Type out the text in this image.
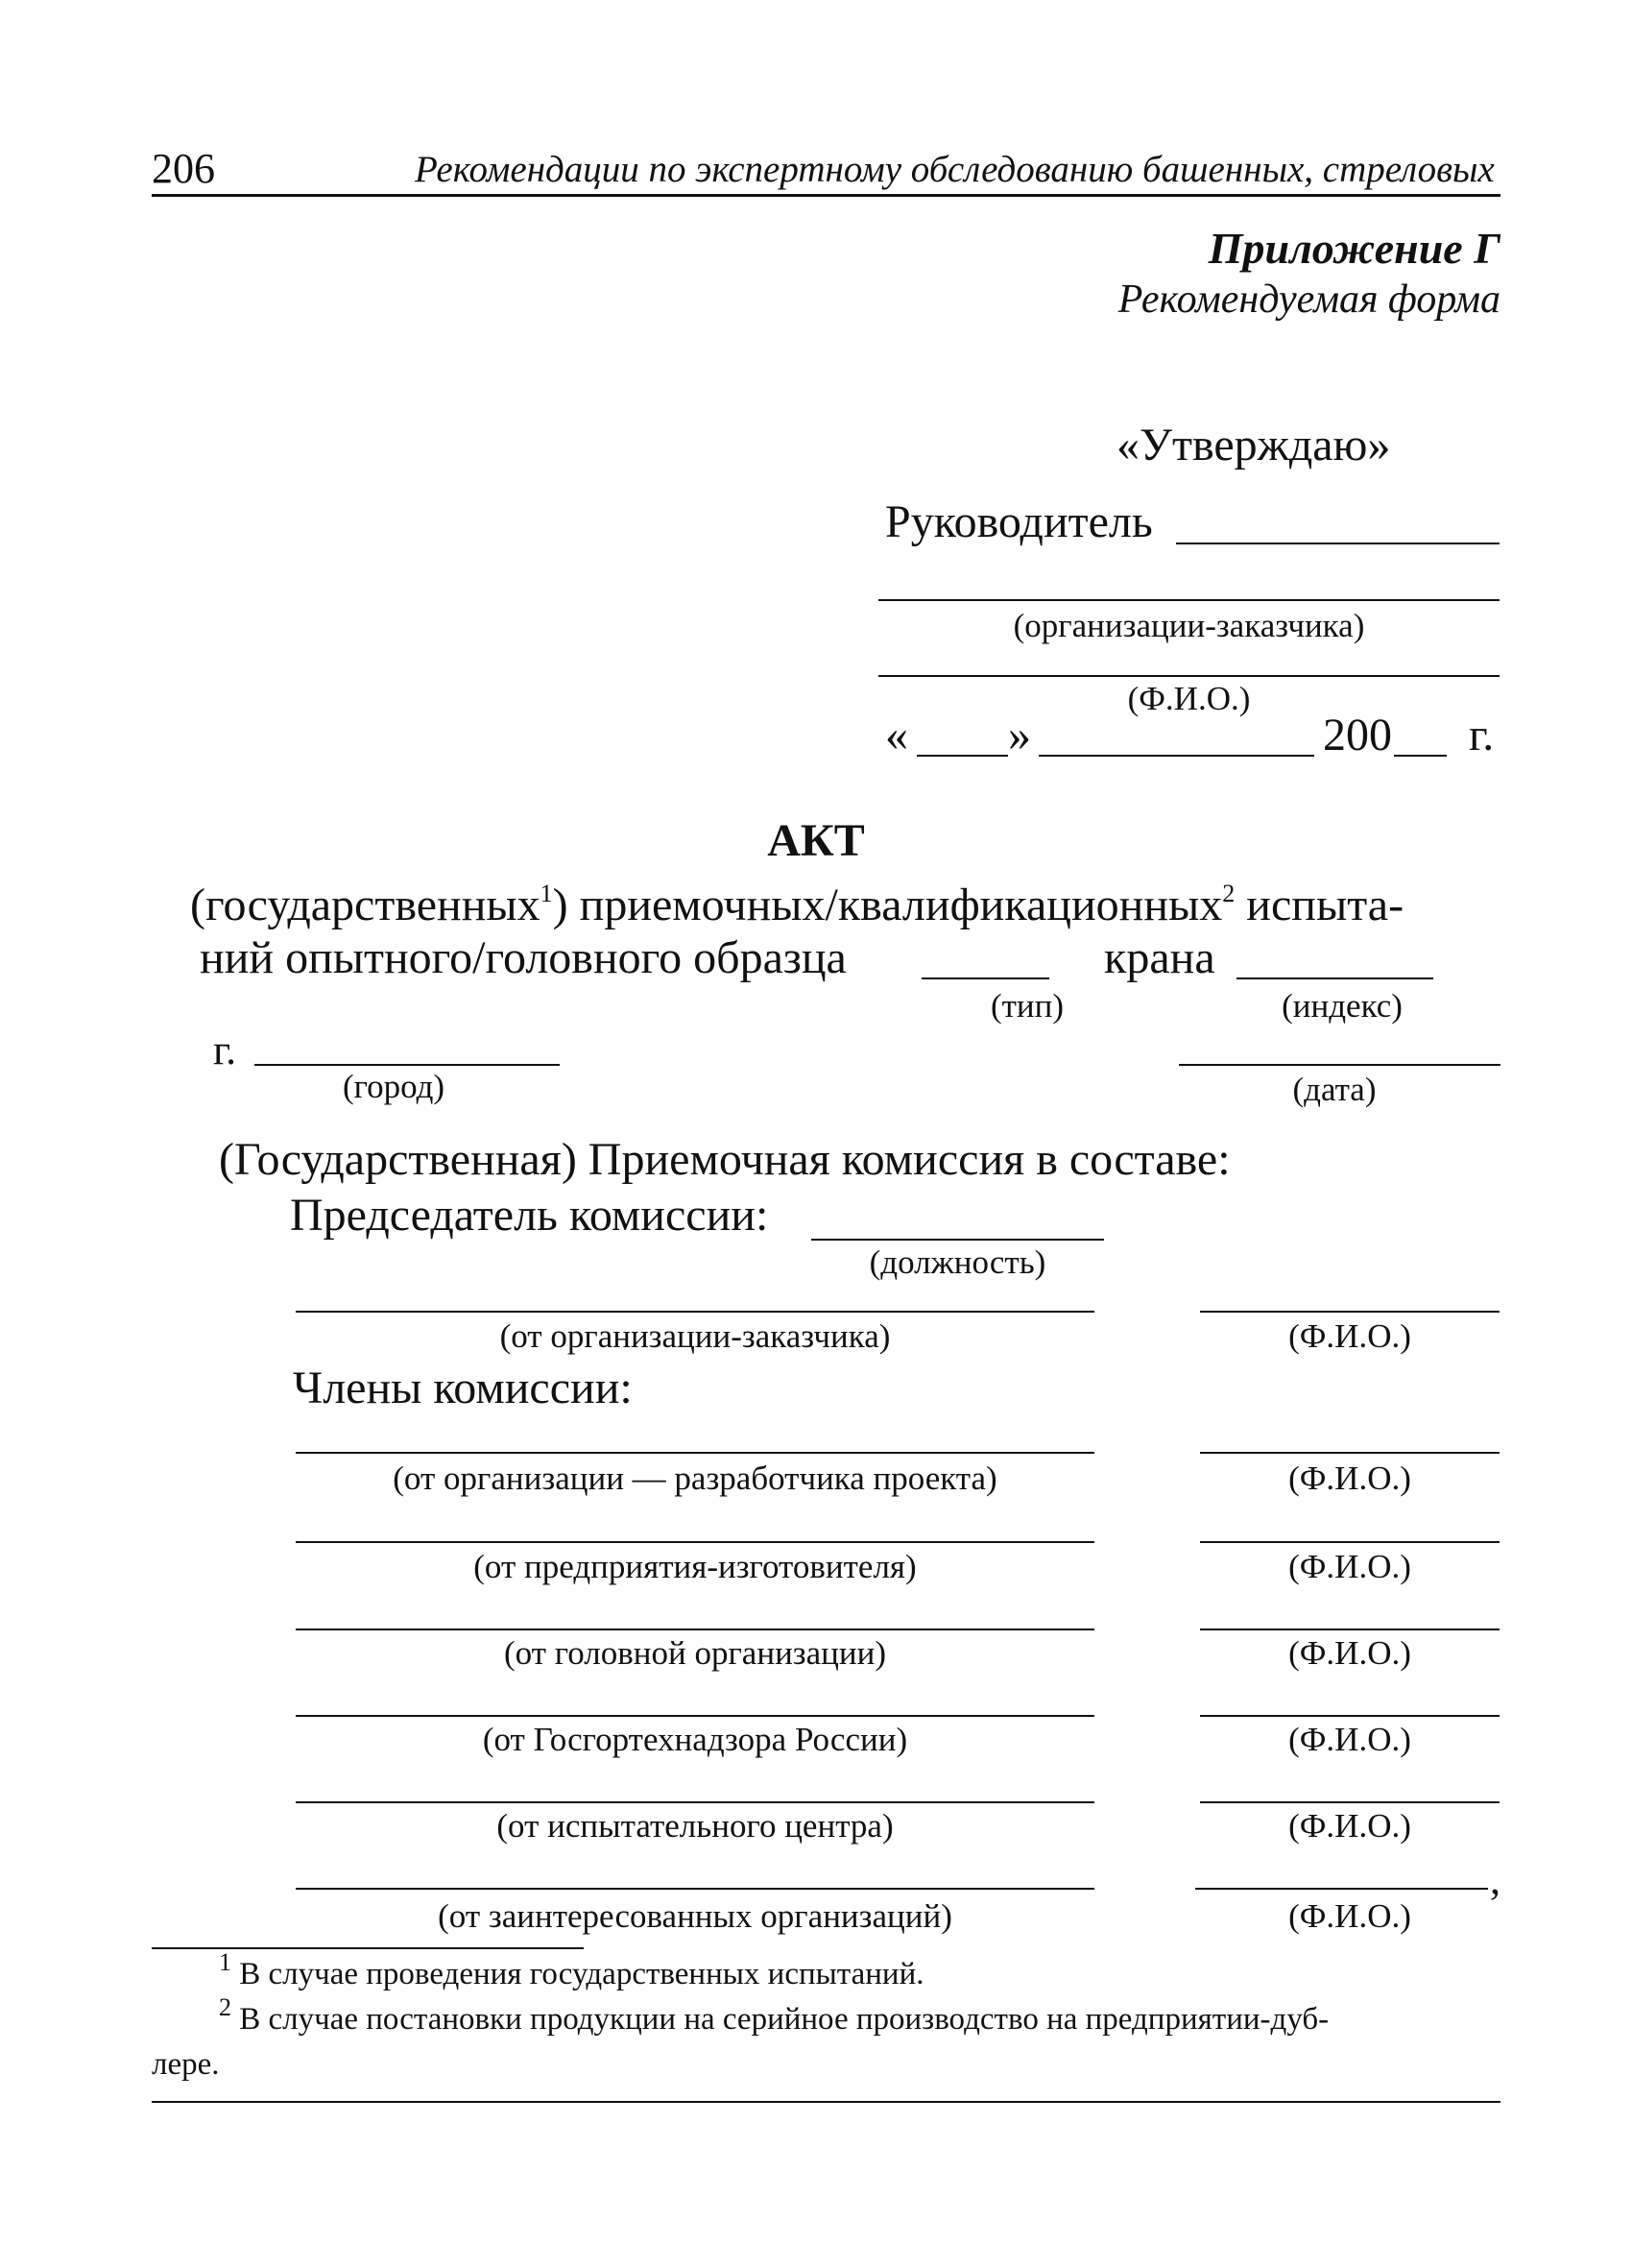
206	Рекомендации по экспертному обследованию башенных, стреловых
Приложение Г
Рекомендуемая форма
«Утверждаю»
Руководитель
(организации-заказчика)
(Ф.И.О.)
« »	200 г.
АКТ
(государственных$^1$) приемочных/квалификационных$^2$ испыта-
ний опытного/головного образца	крана
(тип)	(индекс)
г.
(город)	(дата)
(Государственная) Приемочная комиссия в составе:
Председатель комиссии:
(должность)
(от организации-заказчика)	(Ф.И.О.)
Члены комиссии:
(от организации — разработчика проекта)	(Ф.И.О.)
(от предприятия-изготовителя)	(Ф.И.О.)
(от головной организации)	(Ф.И.О.)
(от Госгортехнадзора России)	(Ф.И.О.)
(от испытательного центра)	(Ф.И.О.)
,
(от заинтересованных организаций)	(Ф.И.О.)
$^1$ В случае проведения государственных испытаний.
$^2$ В случае постановки продукции на серийное производство на предприятии-дуб-
лере.
